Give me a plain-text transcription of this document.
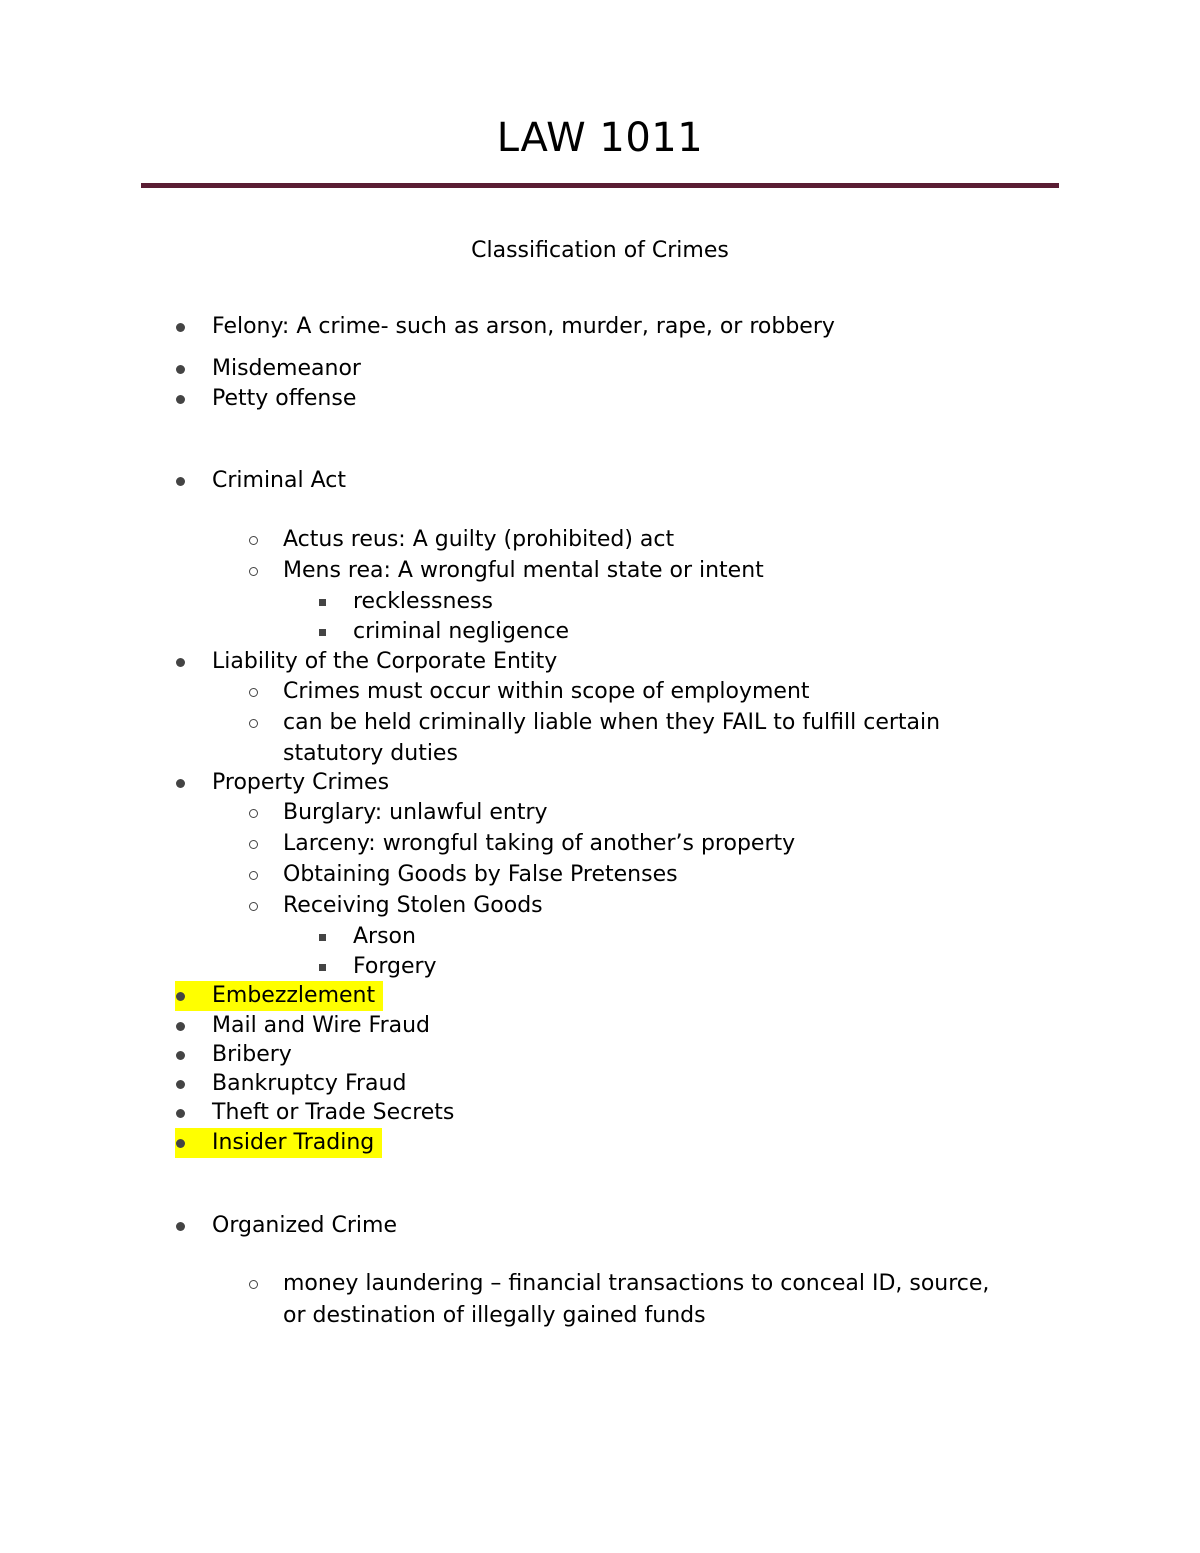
LAW 1011
Classification of Crimes
Felony: A crime- such as arson, murder, rape, or robbery
Misdemeanor
Petty offense
Criminal Act
Actus reus: A guilty (prohibited) act
Mens rea: A wrongful mental state or intent
recklessness
criminal negligence
Liability of the Corporate Entity
Crimes must occur within scope of employment
can be held criminally liable when they FAIL to fulfill certain
statutory duties
Property Crimes
Burglary: unlawful entry
Larceny: wrongful taking of another’s property
Obtaining Goods by False Pretenses
Receiving Stolen Goods
Arson
Forgery
Embezzlement
Mail and Wire Fraud
Bribery
Bankruptcy Fraud
Theft or Trade Secrets
Insider Trading
Organized Crime
money laundering – financial transactions to conceal ID, source,
or destination of illegally gained funds
